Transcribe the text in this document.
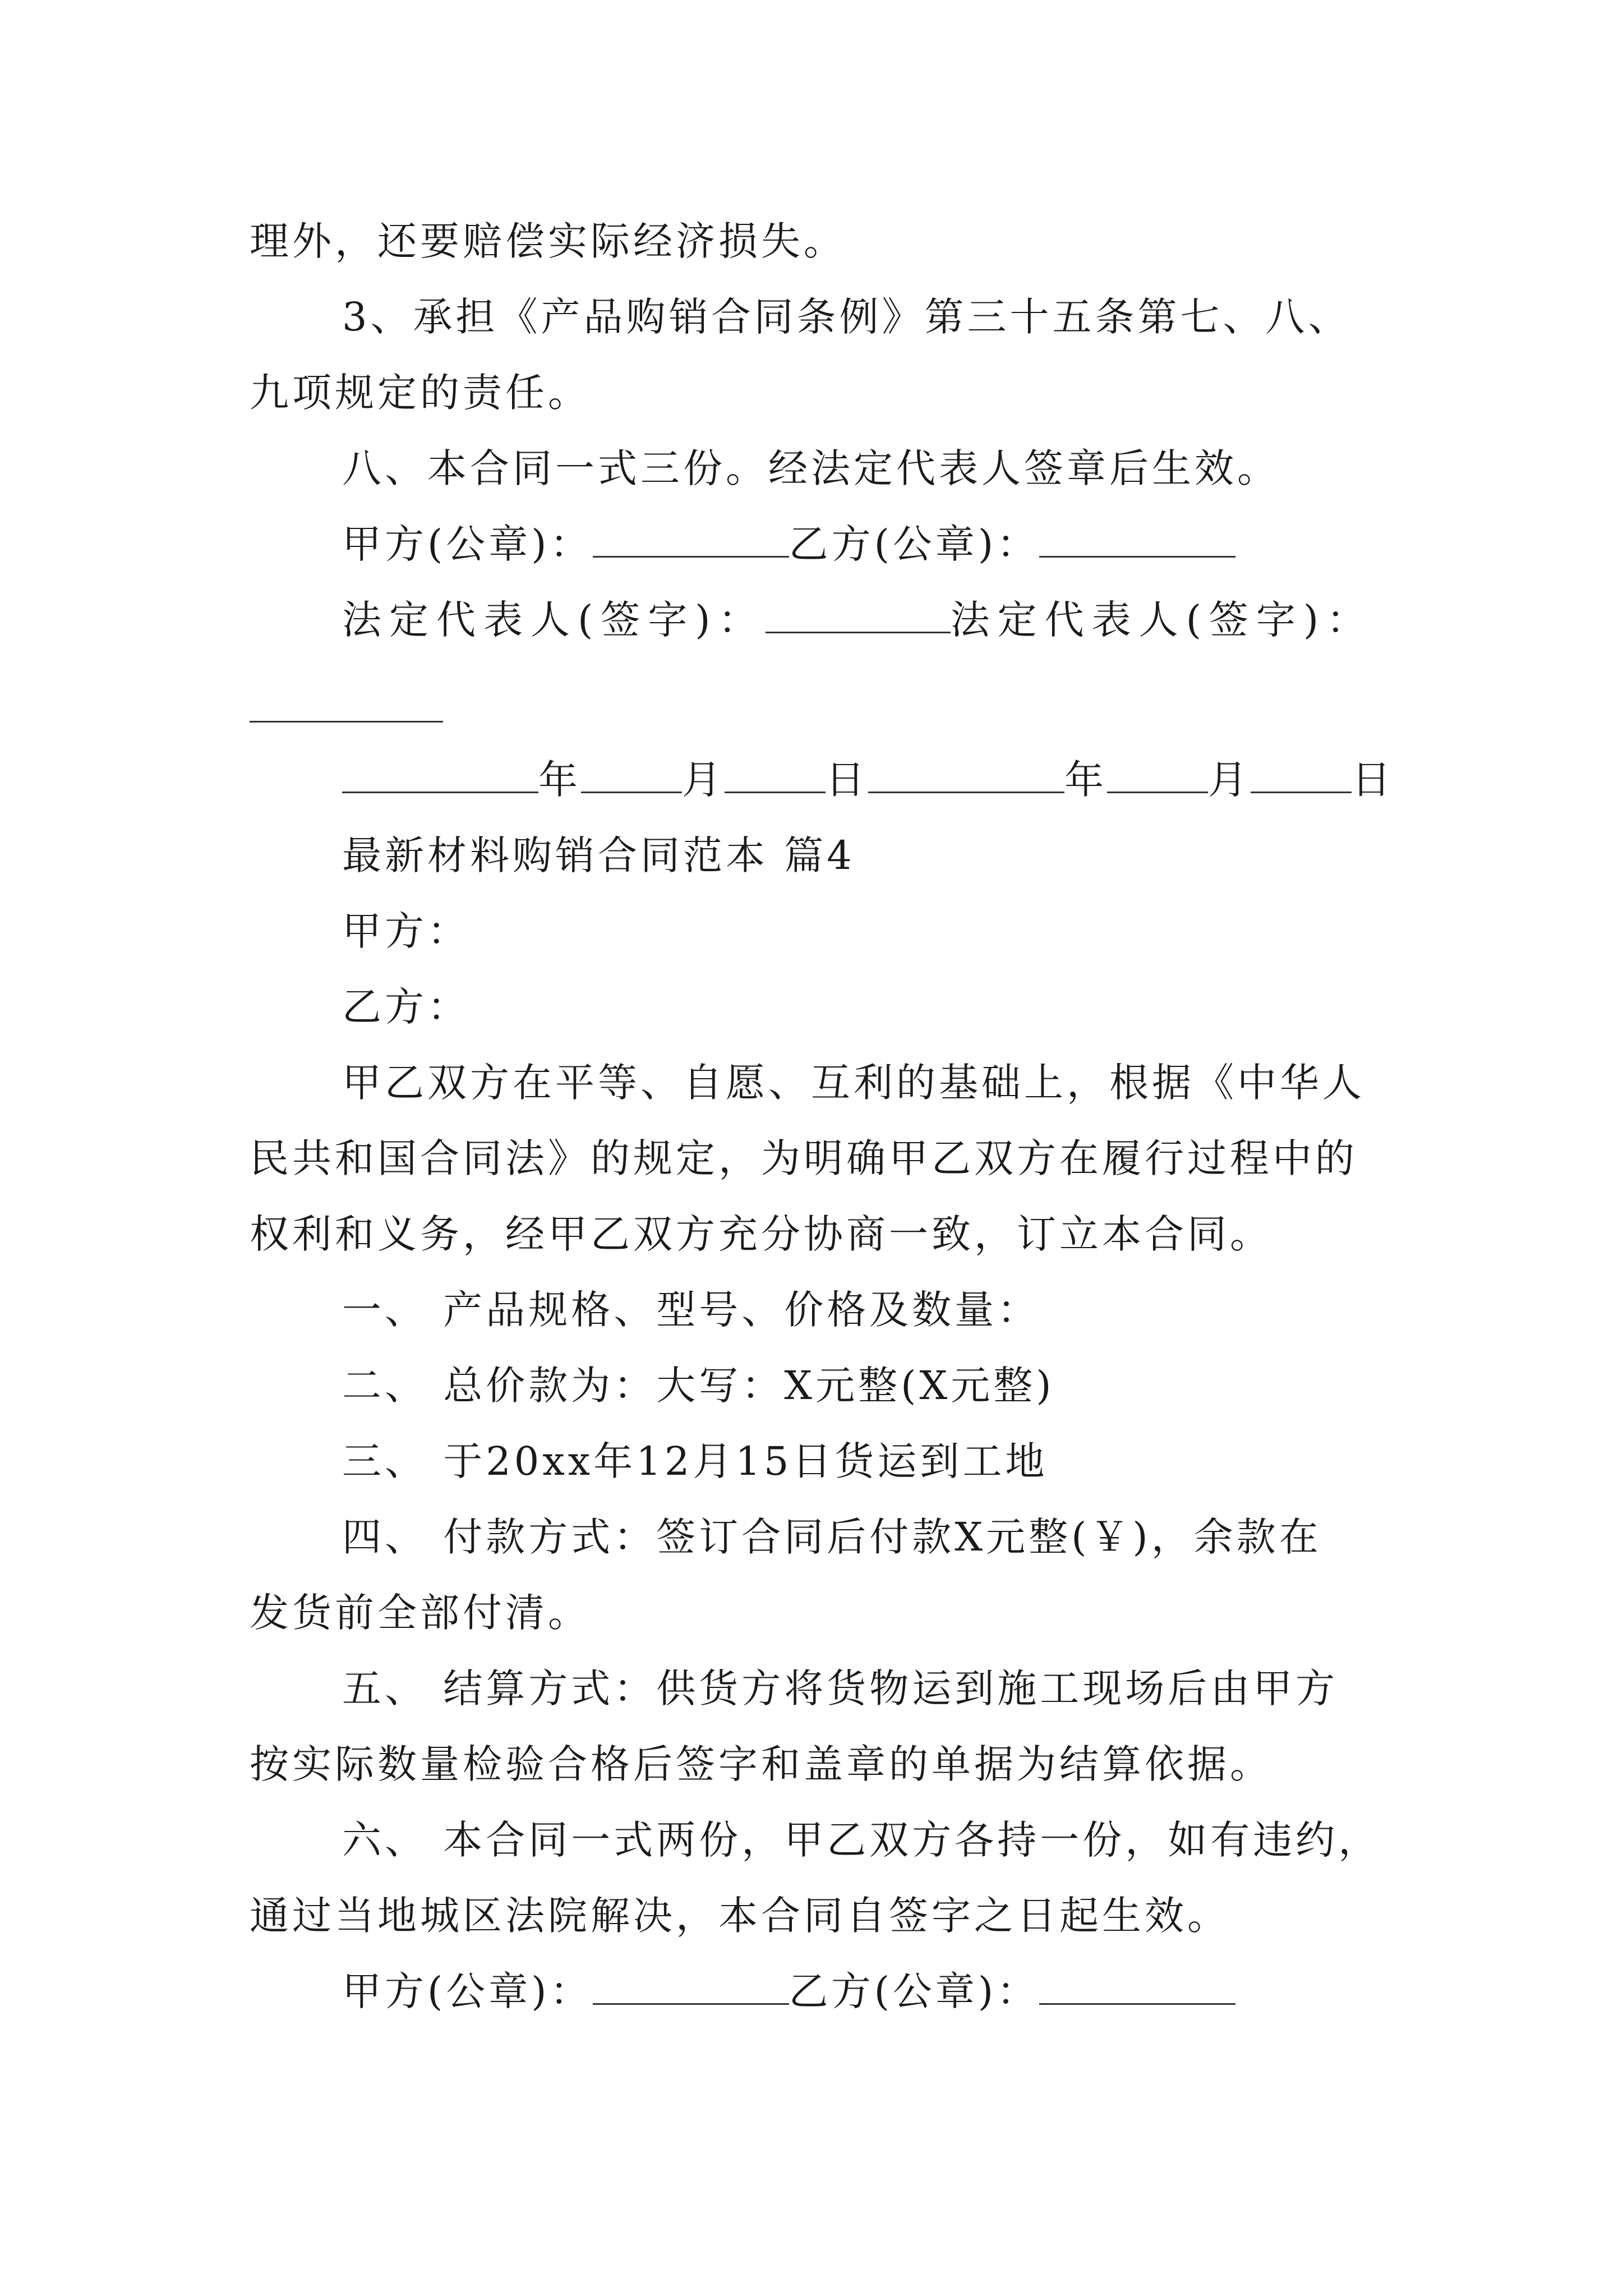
理外，还要赔偿实际经济损失。

3、承担《产品购销合同条例》第三十五条第七、八、

九项规定的责任。

八、本合同一式三份。经法定代表人签章后生效。

甲方(公章)：	乙方(公章)：

法定代表人(签字)：	法定代表人(签字)：

年	月	日	年	月	日

最新材料购销合同范本 篇4

甲方：

乙方：

甲乙双方在平等、自愿、互利的基础上，根据《中华人

民共和国合同法》的规定，为明确甲乙双方在履行过程中的

权利和义务，经甲乙双方充分协商一致，订立本合同。

一、 产品规格、型号、价格及数量：

二、 总价款为：大写：X元整(X元整)

三、 于20xx年12月15日货运到工地

四、 付款方式：签订合同后付款X元整(￥)，余款在

发货前全部付清。

五、 结算方式：供货方将货物运到施工现场后由甲方

按实际数量检验合格后签字和盖章的单据为结算依据。

六、 本合同一式两份，甲乙双方各持一份，如有违约，

通过当地城区法院解决，本合同自签字之日起生效。

甲方(公章)：	乙方(公章)：
